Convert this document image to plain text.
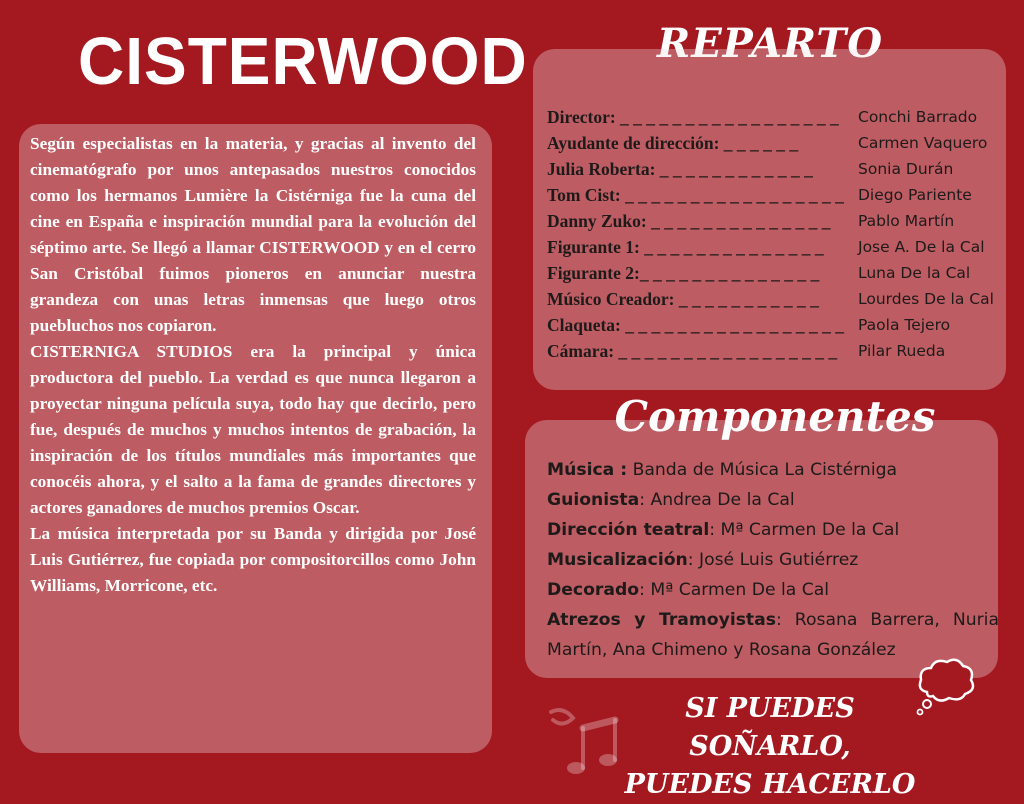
CISTERWOOD

Según especialistas en la materia, y gracias al invento del cinematógrafo por unos antepasados nuestros conocidos como los hermanos Lumière la Cistérniga fue la cuna del cine en España e inspiración mundial para la evolución del séptimo arte. Se llegó a llamar CISTERWOOD y en el cerro San Cristóbal fuimos pioneros en anunciar nuestra grandeza con unas letras inmensas que luego otros puebluchos nos copiaron.

CISTERNIGA STUDIOS era la principal y única productora del pueblo. La verdad es que nunca llegaron a proyectar ninguna película suya, todo hay que decirlo, pero fue, después de muchos y muchos intentos de grabación, la inspiración de los títulos mundiales más importantes que conocéis ahora, y el salto a la fama de grandes directores y actores ganadores de muchos premios Oscar.

La música interpretada por su Banda y dirigida por José Luis Gutiérrez, fue copiada por compositorcillos como John Williams, Morricone, etc.

REPARTO
Director: _ _ _ _ _ _ _ _ _ _ _ _ _ _ _ _ _	Conchi Barrado
Ayudante de dirección: _ _ _ _ _ _	Carmen Vaquero
Julia Roberta: _ _ _ _ _ _ _ _ _ _ _ _	Sonia Durán
Tom Cist: _ _ _ _ _ _ _ _ _ _ _ _ _ _ _ _ _ Diego Pariente
Danny Zuko: _ _ _ _ _ _ _ _ _ _ _ _ _ _	Pablo Martín
Figurante 1: _ _ _ _ _ _ _ _ _ _ _ _ _ _	Jose A. De la Cal
Figurante 2:_ _ _ _ _ _ _ _ _ _ _ _ _ _	Luna De la Cal
Músico Creador: _ _ _ _ _ _ _ _ _ _ _	Lourdes De la Cal
Claqueta: _ _ _ _ _ _ _ _ _ _ _ _ _ _ _ _ _ Paola Tejero
Cámara: _ _ _ _ _ _ _ _ _ _ _ _ _ _ _ _ _	Pilar Rueda
Componentes
Música : Banda de Música La Cistérniga
Guionista: Andrea De la Cal
Dirección teatral: Mª Carmen De la Cal
Musicalización: José Luis Gutiérrez
Decorado: Mª Carmen De la Cal
Atrezos y Tramoyistas: Rosana Barrera, Nuria Martín, Ana Chimeno y Rosana González
SI PUEDES SOÑARLO,
PUEDES HACERLO
